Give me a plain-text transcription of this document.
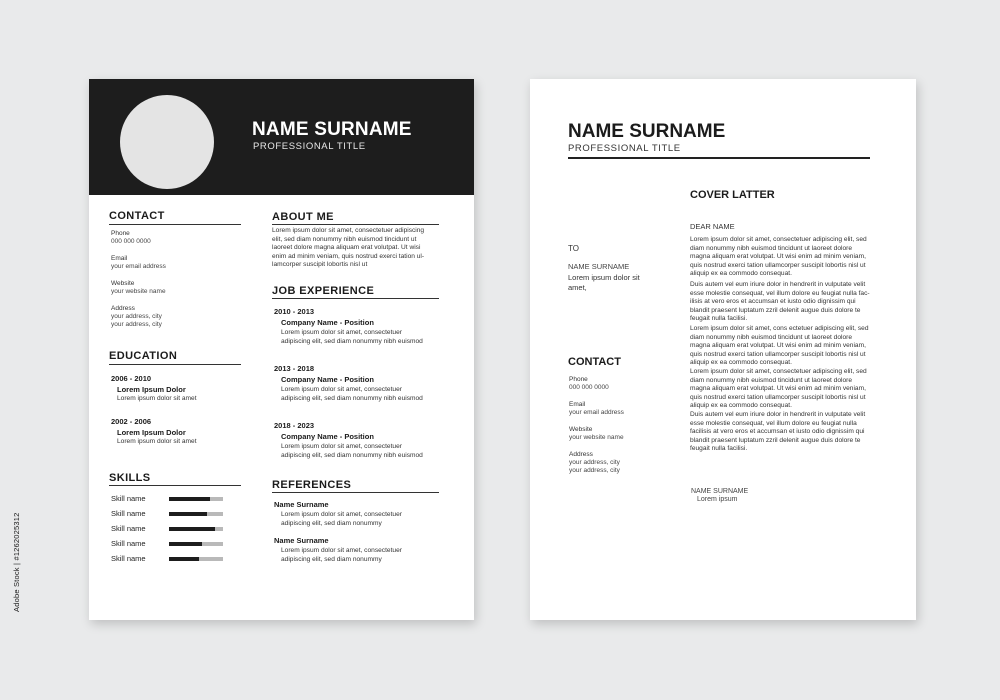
NAME SURNAME
PROFESSIONAL TITLE
CONTACT
Phone
000 000 0000
Email
your email address
Website
your website name
Address
your address, city
your address, city
EDUCATION
2006 - 2010
Lorem Ipsum Dolor
Lorem ipsum dolor sit amet
2002 - 2006
Lorem Ipsum Dolor
Lorem ipsum dolor sit amet
SKILLS
Skill name
Skill name
Skill name
Skill name
Skill name
ABOUT ME
Lorem ipsum dolor sit amet, consectetuer adipiscing
elit, sed diam nonummy nibh euismod tincidunt ut
laoreet dolore magna aliquam erat volutpat. Ut wisi
enim ad minim veniam, quis nostrud exerci tation ul-
lamcorper suscipit lobortis nisl ut
JOB EXPERIENCE
2010 - 2013
Company Name - Position
Lorem ipsum dolor sit amet, consectetuer
adipiscing elit, sed diam nonummy nibh euismod
2013 - 2018
Company Name - Position
Lorem ipsum dolor sit amet, consectetuer
adipiscing elit, sed diam nonummy nibh euismod
2018 - 2023
Company Name - Position
Lorem ipsum dolor sit amet, consectetuer
adipiscing elit, sed diam nonummy nibh euismod
REFERENCES
Name Surname
Lorem ipsum dolor sit amet, consectetuer
adipiscing elit, sed diam nonummy
Name Surname
Lorem ipsum dolor sit amet, consectetuer
adipiscing elit, sed diam nonummy
NAME SURNAME
PROFESSIONAL TITLE
COVER LATTER
TO
NAME SURNAME
Lorem ipsum dolor sit
amet,
CONTACT
Phone
000 000 0000
Email
your email address
Website
your website name
Address
your address, city
your address, city
DEAR NAME
Lorem ipsum dolor sit amet, consectetuer adipiscing elit, sed
diam nonummy nibh euismod tincidunt ut laoreet dolore
magna aliquam erat volutpat. Ut wisi enim ad minim veniam,
quis nostrud exerci tation ullamcorper suscipit lobortis nisl ut
aliquip ex ea commodo consequat.
Duis autem vel eum iriure dolor in hendrerit in vulputate velit
esse molestie consequat, vel illum dolore eu feugiat nulla fac-
ilisis at vero eros et accumsan et iusto odio dignissim qui
blandit praesent luptatum zzril delenit augue duis dolore te
feugait nulla facilisi.
Lorem ipsum dolor sit amet, cons ectetuer adipiscing elit, sed
diam nonummy nibh euismod tincidunt ut laoreet dolore
magna aliquam erat volutpat. Ut wisi enim ad minim veniam,
quis nostrud exerci tation ullamcorper suscipit lobortis nisl ut
aliquip ex ea commodo consequat.
Lorem ipsum dolor sit amet, consectetuer adipiscing elit, sed
diam nonummy nibh euismod tincidunt ut laoreet dolore
magna aliquam erat volutpat. Ut wisi enim ad minim veniam,
quis nostrud exerci tation ullamcorper suscipit lobortis nisl ut
aliquip ex ea commodo consequat.
Duis autem vel eum iriure dolor in hendrerit in vulputate velit
esse molestie consequat, vel illum dolore eu feugiat nulla
facilisis at vero eros et accumsan et iusto odio dignissim qui
blandit praesent luptatum zzril delenit augue duis dolore te
feugait nulla facilisi.
NAME SURNAME
Lorem ipsum
Adobe Stock | #1262025312
